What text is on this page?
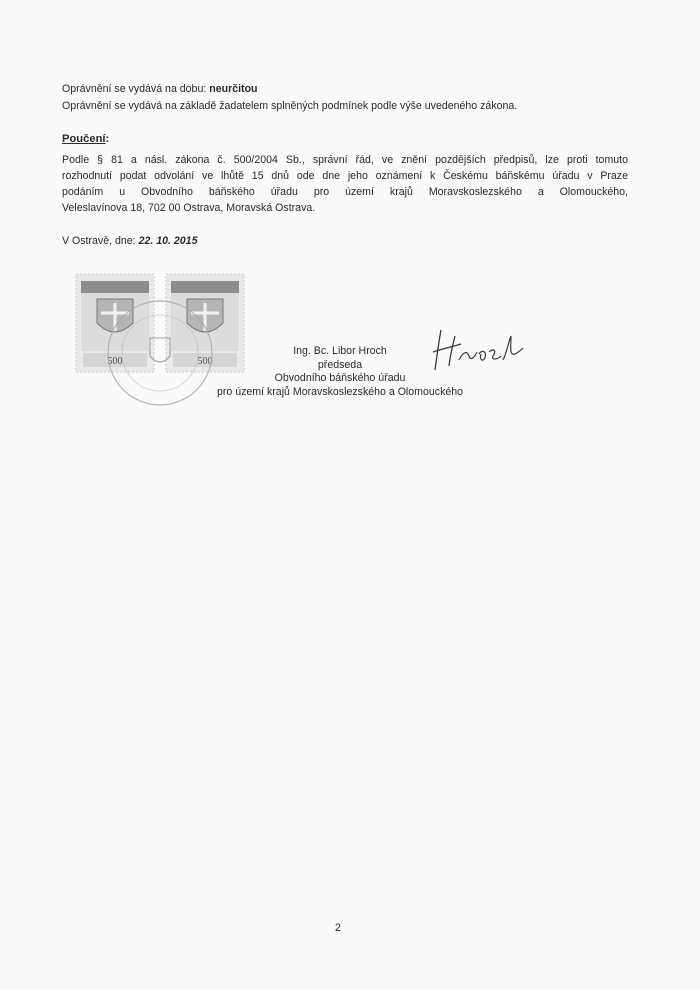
Oprávnění se vydává na dobu: neurčitou
Oprávnění se vydává na základě žadatelem splněných podmínek podle výše uvedeného zákona.
Poučení:
Podle § 81 a násl. zákona č. 500/2004 Sb., správní řád, ve znění pozdějších předpisů, lze proti tomuto
rozhodnutí podat odvolání ve lhůtě 15 dnů ode dne jeho oznámení k Českému báňskému úřadu v Praze
podáním u Obvodního báňského úřadu pro území krajů Moravskoslezského a Olomouckého,
Veleslavínova 18, 702 00 Ostrava, Moravská Ostrava.
V Ostravě, dne: 22. 10. 2015
500	500
Ing. Bc. Libor Hroch
předseda
Obvodního báňského úřadu
pro území krajů Moravskoslezského a Olomouckého
2
